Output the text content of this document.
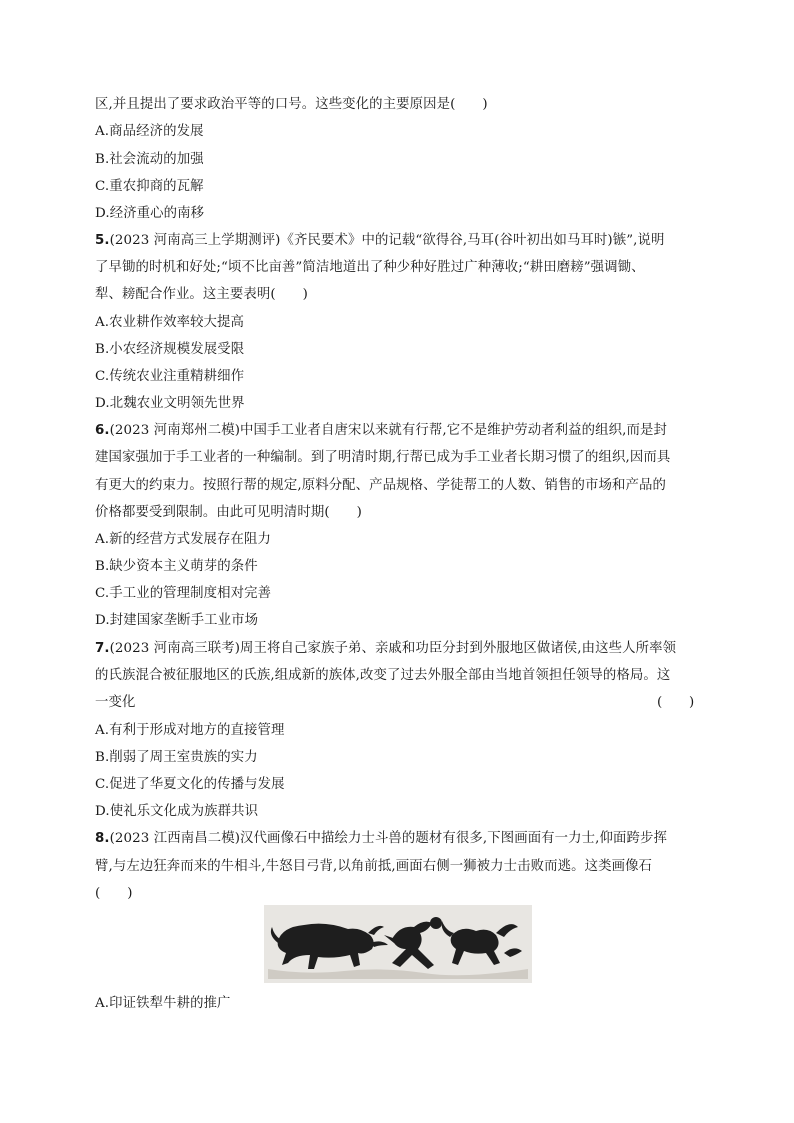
区,并且提出了要求政治平等的口号。这些变化的主要原因是(　　)
A.商品经济的发展
B.社会流动的加强
C.重农抑商的瓦解
D.经济重心的南移
5.(2023 河南高三上学期测评)《齐民要术》中的记载“欲得谷,马耳(谷叶初出如马耳时)镞”,说明
了早锄的时机和好处;“顷不比亩善”简洁地道出了种少种好胜过广种薄收;“耕田磨耪”强调锄、
犁、耪配合作业。这主要表明(　　)
A.农业耕作效率较大提高
B.小农经济规模发展受限
C.传统农业注重精耕细作
D.北魏农业文明领先世界
6.(2023 河南郑州二模)中国手工业者自唐宋以来就有行帮,它不是维护劳动者利益的组织,而是封
建国家强加于手工业者的一种编制。到了明清时期,行帮已成为手工业者长期习惯了的组织,因而具
有更大的约束力。按照行帮的规定,原料分配、产品规格、学徒帮工的人数、销售的市场和产品的
价格都要受到限制。由此可见明清时期(　　)
A.新的经营方式发展存在阻力
B.缺少资本主义萌芽的条件
C.手工业的管理制度相对完善
D.封建国家垄断手工业市场
7.(2023 河南高三联考)周王将自己家族子弟、亲戚和功臣分封到外服地区做诸侯,由这些人所率领
的氏族混合被征服地区的氏族,组成新的族体,改变了过去外服全部由当地首领担任领导的格局。这
一变化	(　　)
A.有利于形成对地方的直接管理
B.削弱了周王室贵族的实力
C.促进了华夏文化的传播与发展
D.使礼乐文化成为族群共识
8.(2023 江西南昌二模)汉代画像石中描绘力士斗兽的题材有很多,下图画面有一力士,仰面跨步挥
臂,与左边狂奔而来的牛相斗,牛怒目弓背,以角前抵,画面右侧一狮被力士击败而逃。这类画像石
(　　)
A.印证铁犁牛耕的推广
